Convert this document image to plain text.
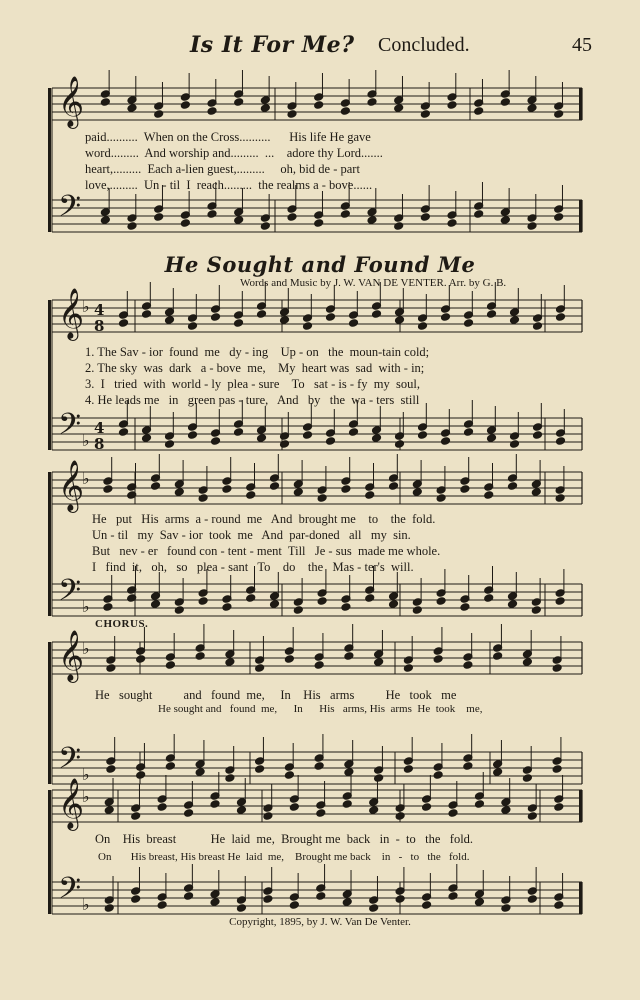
Is It For Me? Concluded.	45
𝄞
𝄢
𝄞
𝄢
♭
♭
4
8
4
8
𝄞
𝄢
♭
♭
𝄞
𝄢
♭
♭
𝄞
𝄢
♭
♭
paid..........  When on the Cross..........      His life He gave
word.........  And worship and.........  ...    adore thy Lord.......
heart,.........  Each a-lien guest,.........     oh, bid de - part
love,.........  Un - til  I  reach.........  the realms a - bove......
He Sought and Found Me
Words and Music by J. W. VAN DE VENTER. Arr. by G. B.
1. The Sav - ior  found  me   dy - ing    Up - on   the  moun-tain cold;
2. The sky  was  dark   a - bove  me,    My  heart was  sad  with - in;
3.  I   tried  with  world - ly  plea - sure    To   sat - is - fy  my  soul,
4. He leads me   in   green pas - ture,   And   by   the  wa - ters  still
He   put   His  arms  a - round  me   And  brought me    to    the  fold.
Un - til   my  Sav - ior  took  me   And  par-doned   all   my  sin.
But   nev - er   found con - tent - ment  Till   Je - sus  made me whole.
I   find  it,   oh,   so   plea - sant   To    do    the   Mas - ter's  will.
CHORUS.
He   sought          and   found  me,     In    His   arms          He   took   me
He sought and   found  me,      In      His   arms, His  arms  He  took    me,
On    His  breast           He  laid  me,  Brought me  back   in  -  to   the   fold.
On       His breast, His breast He  laid  me,    Brought me back    in   -   to   the   fold.
Copyright, 1895, by J. W. Van De Venter.
